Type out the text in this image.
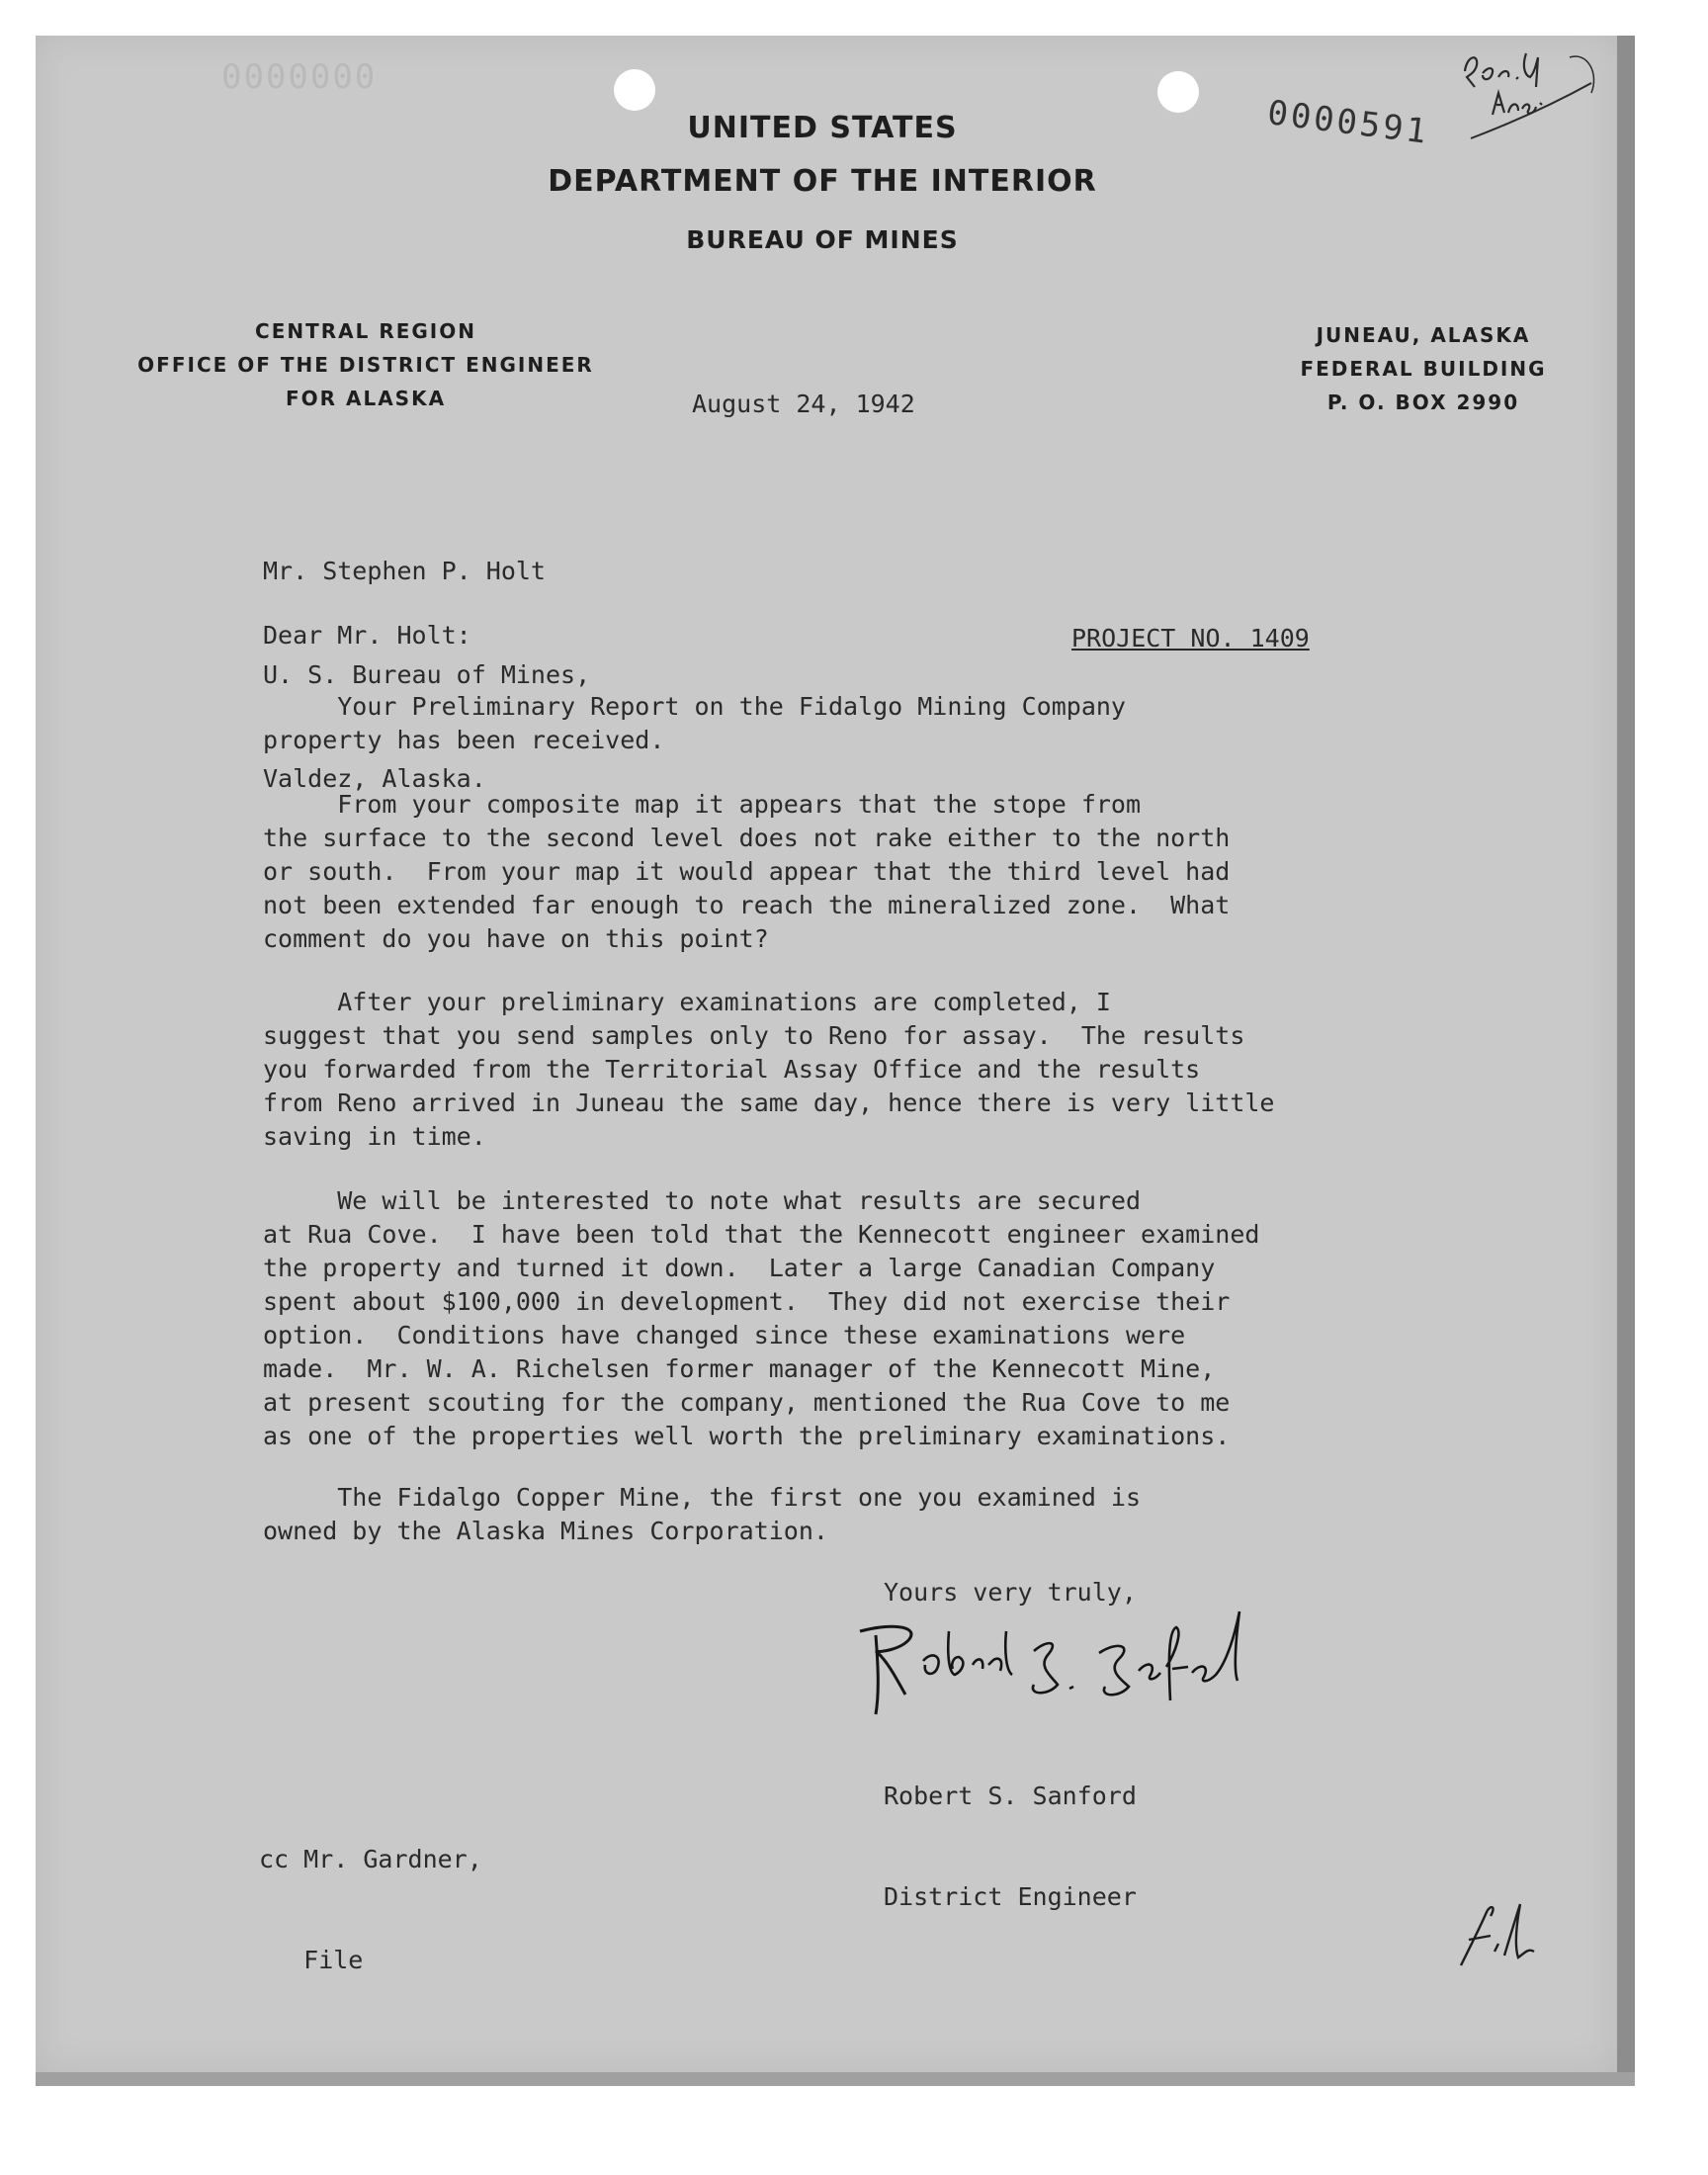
0000000
0000591
UNITED STATES
DEPARTMENT OF THE INTERIOR
BUREAU OF MINES
CENTRAL REGION
OFFICE OF THE DISTRICT ENGINEER
FOR ALASKA
JUNEAU, ALASKA
FEDERAL BUILDING
P. O. BOX 2990
August 24, 1942

Mr. Stephen P. Holt

U. S. Bureau of Mines,

Valdez, Alaska.

Dear Mr. Holt:	PROJECT NO. 1409
Your Preliminary Report on the Fidalgo Mining Company
property has been received.
From your composite map it appears that the stope from
the surface to the second level does not rake either to the north
or south.  From your map it would appear that the third level had
not been extended far enough to reach the mineralized zone.  What
comment do you have on this point?
After your preliminary examinations are completed, I
suggest that you send samples only to Reno for assay.  The results
you forwarded from the Territorial Assay Office and the results
from Reno arrived in Juneau the same day, hence there is very little
saving in time.
We will be interested to note what results are secured
at Rua Cove.  I have been told that the Kennecott engineer examined
the property and turned it down.  Later a large Canadian Company
spent about $100,000 in development.  They did not exercise their
option.  Conditions have changed since these examinations were
made.  Mr. W. A. Richelsen former manager of the Kennecott Mine,
at present scouting for the company, mentioned the Rua Cove to me
as one of the properties well worth the preliminary examinations.
The Fidalgo Copper Mine, the first one you examined is
owned by the Alaska Mines Corporation.
Yours very truly,

Robert S. Sanford

District Engineer

cc Mr. Gardner,

File
